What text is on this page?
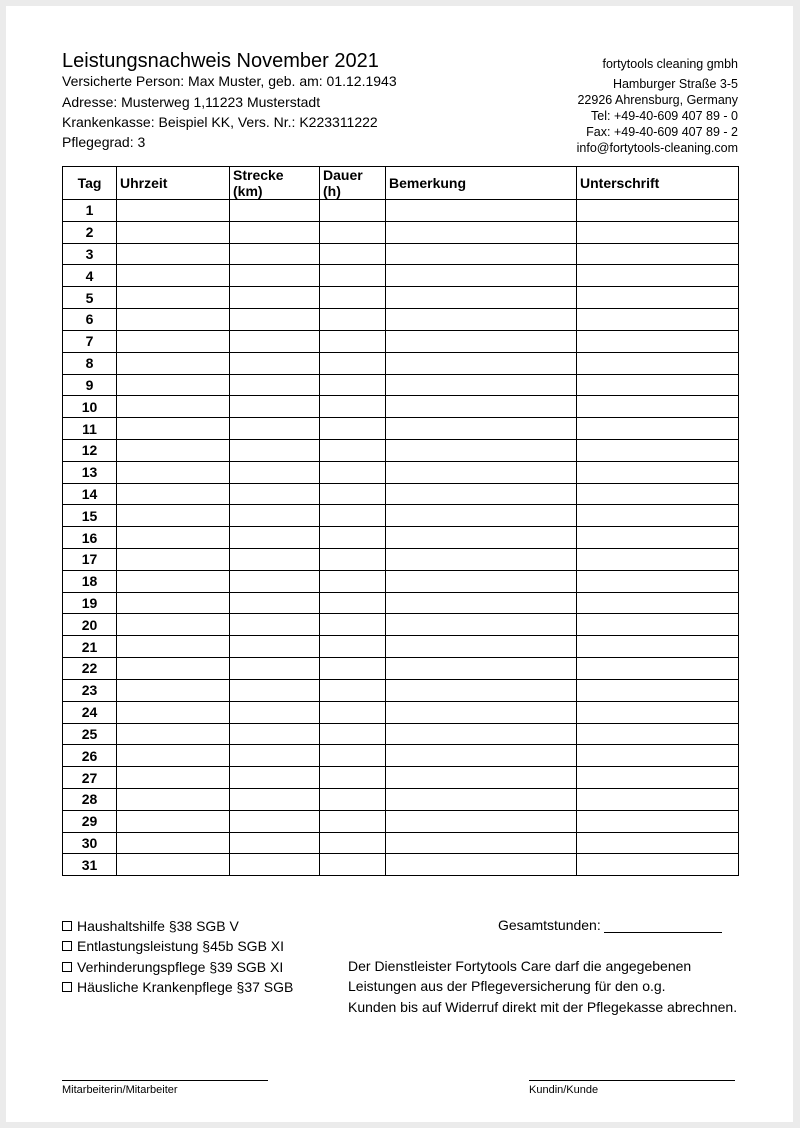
Leistungsnachweis November 2021
Versicherte Person: Max Muster, geb. am: 01.12.1943
Adresse: Musterweg 1,11223 Musterstadt
Krankenkasse: Beispiel KK, Vers. Nr.: K223311222
Pflegegrad: 3
fortytools cleaning gmbh
Hamburger Straße 3-5
22926 Ahrensburg, Germany
Tel: +49-40-609 407 89 - 0
Fax: +49-40-609 407 89 - 2
info@fortytools-cleaning.com
Tag	Uhrzeit	Strecke (km)	Dauer (h)	Bemerkung	Unterschrift
1					
2					
3					
4					
5					
6					
7					
8					
9					
10					
11					
12					
13					
14					
15					
16					
17					
18					
19					
20					
21					
22					
23					
24					
25					
26					
27					
28					
29					
30					
31					
Haushaltshilfe §38 SGB V
Entlastungsleistung §45b SGB XI
Verhinderungspflege §39 SGB XI
Häusliche Krankenpflege §37 SGB
Gesamtstunden:
Der Dienstleister Fortytools Care darf die angegebenen
Leistungen aus der Pflegeversicherung für den o.g.
Kunden bis auf Widerruf direkt mit der Pflegekasse abrechnen.
Mitarbeiterin/Mitarbeiter	Kundin/Kunde
